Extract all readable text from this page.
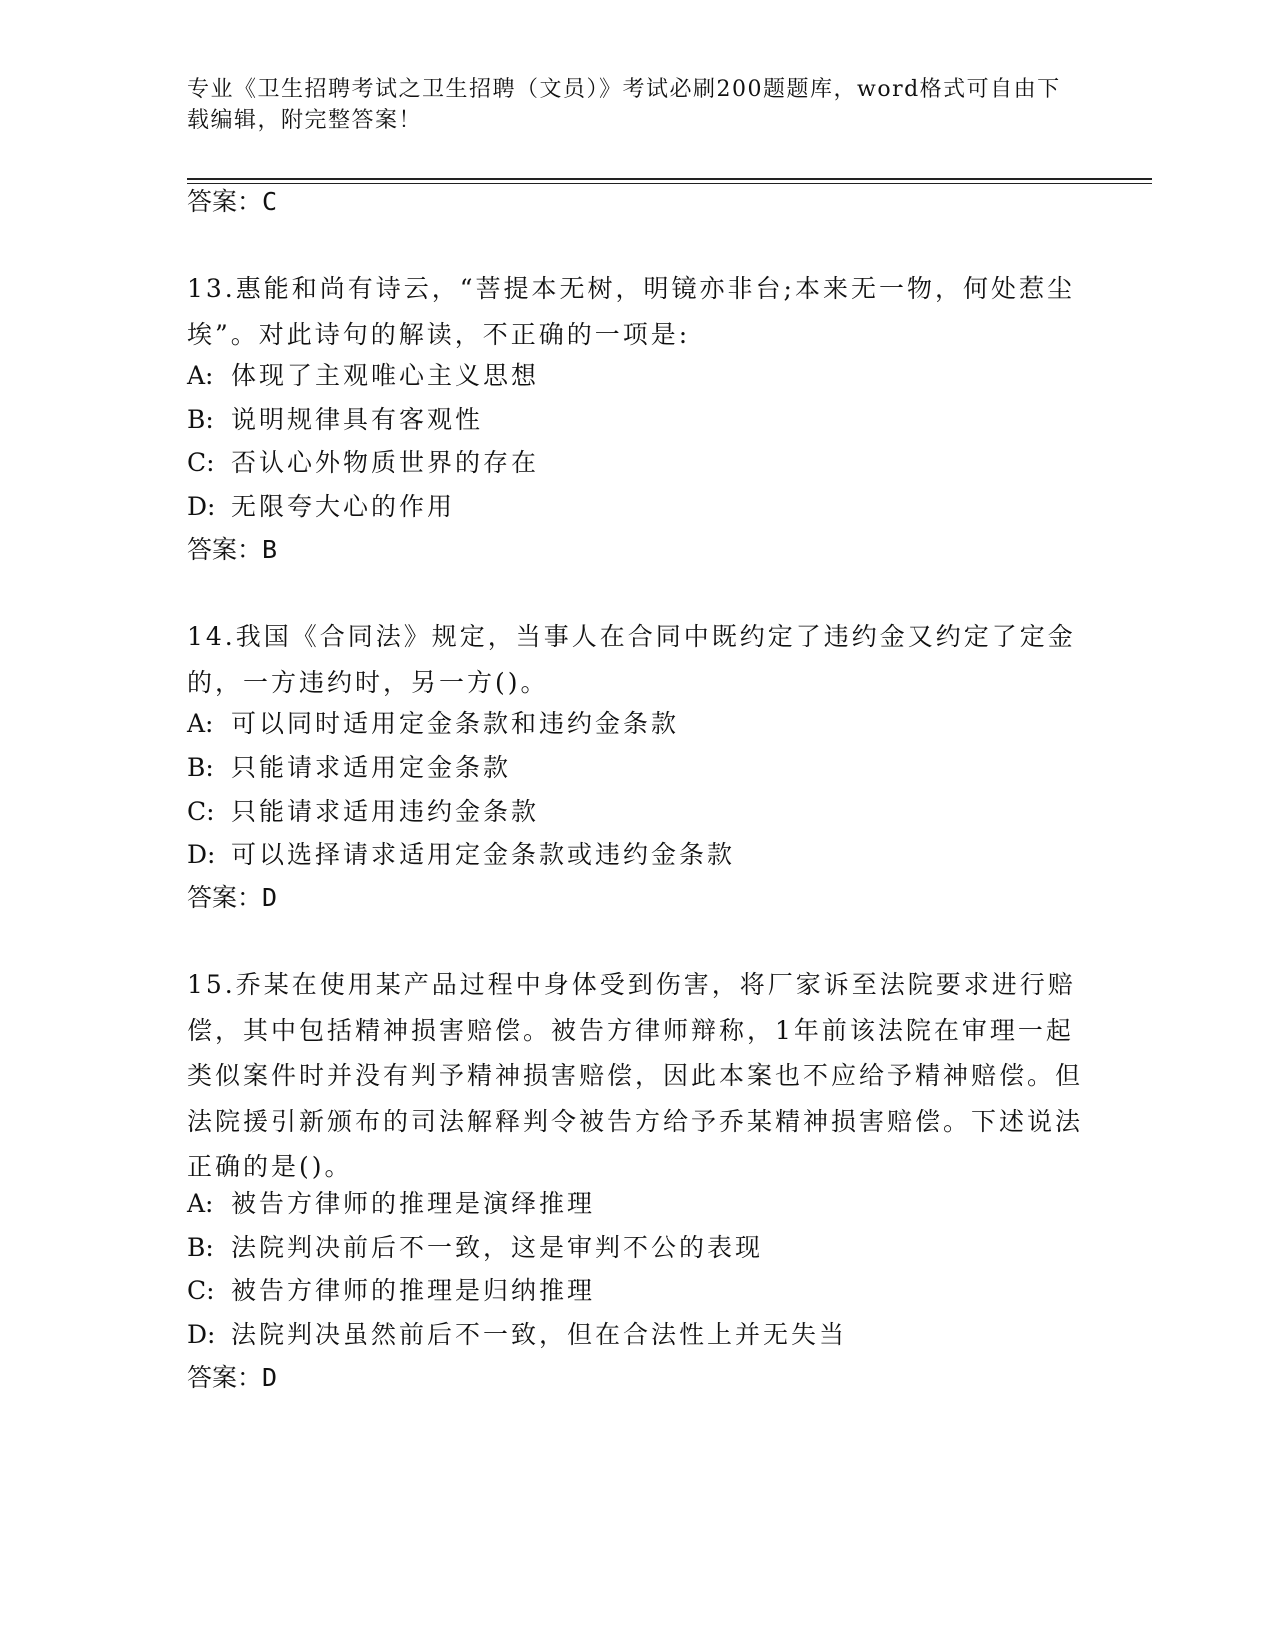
专业《卫生招聘考试之卫生招聘（文员）》考试必刷200题题库，word格式可自由下载编辑，附完整答案！
答案：C
13.惠能和尚有诗云，“菩提本无树，明镜亦非台;本来无一物，何处惹尘埃”。对此诗句的解读，不正确的一项是:
A: 体现了主观唯心主义思想
B: 说明规律具有客观性
C: 否认心外物质世界的存在
D: 无限夸大心的作用
答案：B
14.我国《合同法》规定，当事人在合同中既约定了违约金又约定了定金的，一方违约时，另一方()。
A: 可以同时适用定金条款和违约金条款
B: 只能请求适用定金条款
C: 只能请求适用违约金条款
D: 可以选择请求适用定金条款或违约金条款
答案：D
15.乔某在使用某产品过程中身体受到伤害，将厂家诉至法院要求进行赔偿，其中包括精神损害赔偿。被告方律师辩称，1年前该法院在审理一起类似案件时并没有判予精神损害赔偿，因此本案也不应给予精神赔偿。但法院援引新颁布的司法解释判令被告方给予乔某精神损害赔偿。下述说法正确的是()。
A: 被告方律师的推理是演绎推理
B: 法院判决前后不一致，这是审判不公的表现
C: 被告方律师的推理是归纳推理
D: 法院判决虽然前后不一致，但在合法性上并无失当
答案：D
